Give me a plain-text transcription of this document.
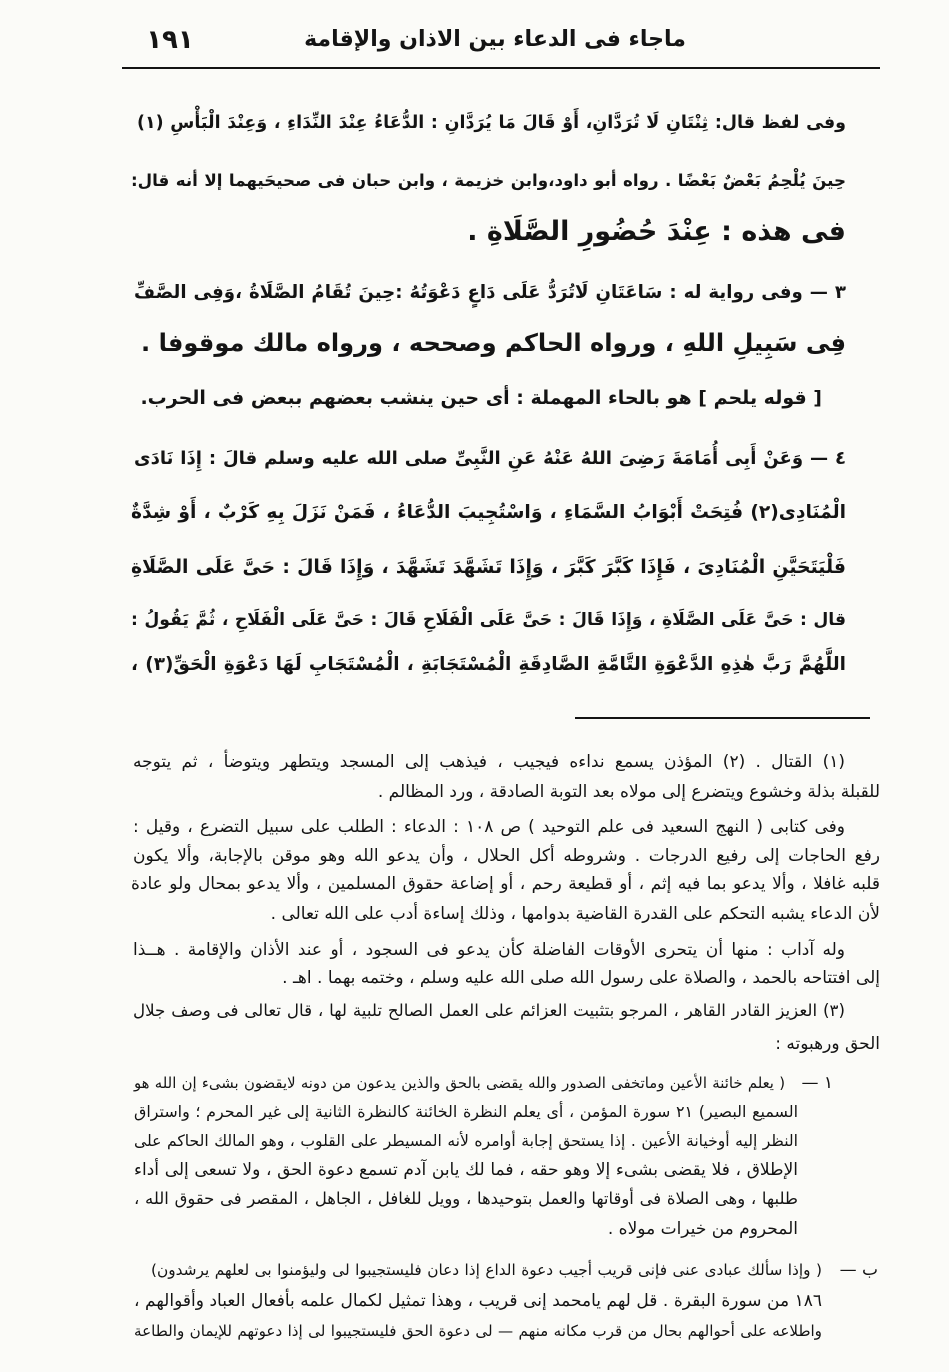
ماجاء فى الدعاء بين الاذان والإقامة
١٩١
وفى لفظ قال: ثِنْتَانِ لَا تُرَدَّانِ، أَوْ قَالَ مَا يُرَدَّانِ : الدُّعَاءُ عِنْدَ النِّدَاءِ ، وَعِنْدَ الْبَأْسِ (١)
حِينَ يُلْحِمُ بَعْضٌ بَعْضًا . رواه أبو داود،وابن خزيمة ، وابن حبان فى صحيحَيهما إلا أنه قال:
فى هذه : عِنْدَ حُضُورِ الصَّلَاةِ .
٣ — وفى رواية له : سَاعَتَانِ لَاتُرَدُّ عَلَى دَاعٍ دَعْوَتُهُ :حِينَ تُقَامُ الصَّلَاةُ ،وَفِى الصَّفِّ
فِى سَبِيلِ اللهِ ، ورواه الحاكم وصححه ، ورواه مالك موقوفا .
[ قوله يلحم ] هو بالحاء المهملة : أى حين ينشب بعضهم ببعض فى الحرب.
٤ — وَعَنْ أَبِى أُمَامَةَ رَضِىَ اللهُ عَنْهُ عَنِ النَّبِىِّ صلى الله عليه وسلم قالَ : إِذَا نَادَى
الْمُنَادِى(٢) فُتِحَتْ أَبْوَابُ السَّمَاءِ ، وَاسْتُجِيبَ الدُّعَاءُ ، فَمَنْ نَزَلَ بِهِ كَرْبٌ ، أَوْ شِدَّةٌ
فَلْيَتَحَيَّنِ الْمُنَادِىَ ، فَإِذَا كَبَّرَ كَبَّرَ ، وَإِذَا تَشَهَّدَ تَشَهَّدَ ، وَإِذَا قَالَ : حَىَّ عَلَى الصَّلَاةِ
قال : حَىَّ عَلَى الصَّلَاةِ ، وَإِذَا قَالَ : حَىَّ عَلَى الْفَلَاحِ قَالَ : حَىَّ عَلَى الْفَلَاحِ ، ثُمَّ يَقُولُ :
اللَّهُمَّ رَبَّ هٰذِهِ الدَّعْوَةِ التَّامَّةِ الصَّادِقَةِ الْمُسْتَجَابَةِ ، الْمُسْتَجَابِ لَهَا دَعْوَةِ الْحَقِّ(٣) ،
(١) القتال . (٢) المؤذن يسمع نداءه فيجيب ، فيذهب إلى المسجد ويتطهر ويتوضأ ، ثم يتوجه
للقبلة بذلة وخشوع ويتضرع إلى مولاه بعد التوبة الصادقة ، ورد المظالم .
وفى كتابى ( النهج السعيد فى علم التوحيد ) ص ١٠٨ : الدعاء : الطلب على سبيل التضرع ، وقيل :
رفع الحاجات إلى رفيع الدرجات . وشروطه أكل الحلال ، وأن يدعو الله وهو موقن بالإجابة، وألا يكون
قلبه غافلا ، وألا يدعو بما فيه إثم ، أو قطيعة رحم ، أو إضاعة حقوق المسلمين ، وألا يدعو بمحال ولو عادة
لأن الدعاء يشبه التحكم على القدرة القاضية بدوامها ، وذلك إساءة أدب على الله تعالى .
وله آداب : منها أن يتحرى الأوقات الفاضلة كأن يدعو فى السجود ، أو عند الأذان والإقامة . هــذا
إلى افتتاحه بالحمد ، والصلاة على رسول الله صلى الله عليه وسلم ، وختمه بهما . اهـ .
(٣) العزيز القادر القاهر ، المرجو بتثبيت العزائم على العمل الصالح تلبية لها ، قال تعالى فى وصف جلال
الحق ورهبوته :
١ —
( يعلم خائنة الأعين وماتخفى الصدور والله يقضى بالحق والذين يدعون من دونه لايقضون بشىء إن الله هو
السميع البصير) ٢١ سورة المؤمن ، أى يعلم النظرة الخائنة كالنظرة الثانية إلى غير المحرم ؛ واستراق
النظر إليه أوخيانة الأعين . إذا يستحق إجابة أوامره لأنه المسيطر على القلوب ، وهو المالك الحاكم على
الإطلاق ، فلا يقضى بشىء إلا وهو حقه ، فما لك يابن آدم تسمع دعوة الحق ، ولا تسعى إلى أداء
طلبها ، وهى الصلاة فى أوقاتها والعمل بتوحيدها ، وويل للغافل ، الجاهل ، المقصر فى حقوق الله ،
المحروم من خيرات مولاه .
ب —
( وإذا سألك عبادى عنى فإنى قريب أجيب دعوة الداع إذا دعان فليستجيبوا لى وليؤمنوا بى لعلهم يرشدون)
١٨٦ من سورة البقرة . قل لهم يامحمد إنى قريب ، وهذا تمثيل لكمال علمه بأفعال العباد وأقوالهم ،
واطلاعه على أحوالهم بحال من قرب مكانه منهم — لى دعوة الحق فليستجيبوا لى إذا دعوتهم للإيمان والطاعة
